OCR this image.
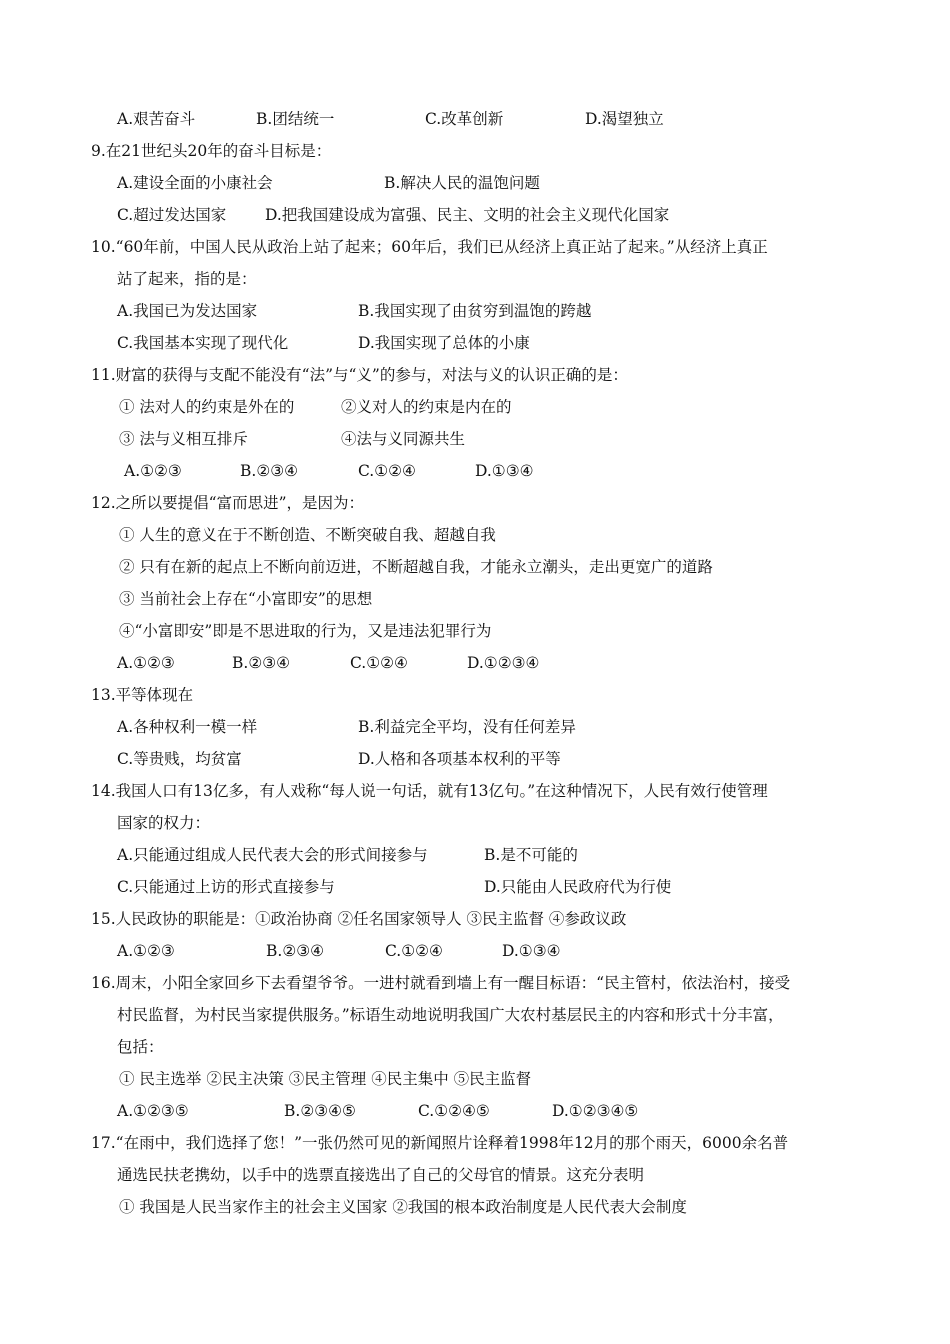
A.艰苦奋斗	B.团结统一	C.改革创新	D.渴望独立
9.在21世纪头20年的奋斗目标是：
A.建设全面的小康社会	B.解决人民的温饱问题
C.超过发达国家	D.把我国建设成为富强、民主、文明的社会主义现代化国家
10.“60年前，中国人民从政治上站了起来；60年后，我们已从经济上真正站了起来。”从经济上真正
站了起来，指的是：
A.我国已为发达国家	B.我国实现了由贫穷到温饱的跨越
C.我国基本实现了现代化	D.我国实现了总体的小康
11.财富的获得与支配不能没有“法”与“义”的参与，对法与义的认识正确的是：
① 法对人的约束是外在的	②义对人的约束是内在的
③ 法与义相互排斥	④法与义同源共生
A.①②③	B.②③④	C.①②④	D.①③④
12.之所以要提倡“富而思进”，是因为：
① 人生的意义在于不断创造、不断突破自我、超越自我
② 只有在新的起点上不断向前迈进，不断超越自我，才能永立潮头，走出更宽广的道路
③ 当前社会上存在“小富即安”的思想
④“小富即安”即是不思进取的行为，又是违法犯罪行为
A.①②③	B.②③④	C.①②④	D.①②③④
13.平等体现在
A.各种权利一模一样	B.利益完全平均，没有任何差异
C.等贵贱，均贫富	D.人格和各项基本权利的平等
14.我国人口有13亿多，有人戏称“每人说一句话，就有13亿句。”在这种情况下，人民有效行使管理
国家的权力：
A.只能通过组成人民代表大会的形式间接参与	B.是不可能的
C.只能通过上访的形式直接参与	D.只能由人民政府代为行使
15.人民政协的职能是：①政治协商 ②任名国家领导人 ③民主监督 ④参政议政
A.①②③	B.②③④	C.①②④	D.①③④
16.周末，小阳全家回乡下去看望爷爷。一进村就看到墙上有一醒目标语：“民主管村，依法治村，接受
村民监督，为村民当家提供服务。”标语生动地说明我国广大农村基层民主的内容和形式十分丰富，
包括：
① 民主选举 ②民主决策 ③民主管理 ④民主集中 ⑤民主监督
A.①②③⑤	B.②③④⑤	C.①②④⑤	D.①②③④⑤
17.“在雨中，我们选择了您！”一张仍然可见的新闻照片诠释着1998年12月的那个雨天，6000余名普
通选民扶老携幼，以手中的选票直接选出了自己的父母官的情景。这充分表明
① 我国是人民当家作主的社会主义国家 ②我国的根本政治制度是人民代表大会制度
